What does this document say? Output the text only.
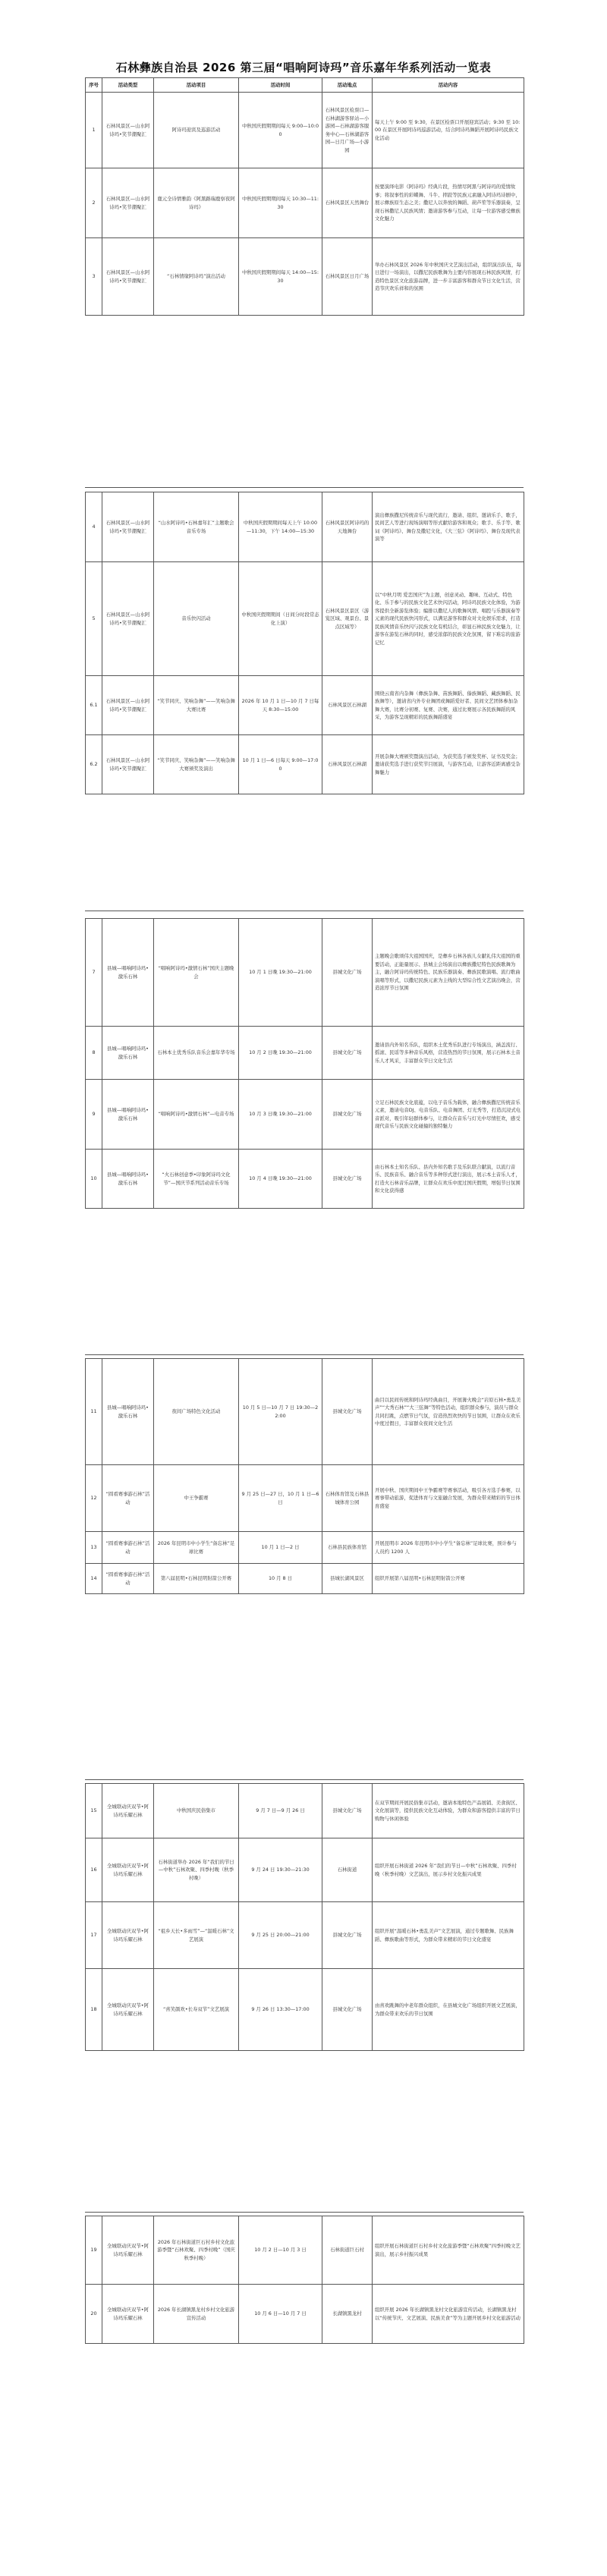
石林彝族自治县 2026 第三届“唱响阿诗玛”音乐嘉年华系列活动一览表
序号	活动类型	活动项目	活动时间	活动地点	活动内容
1	石林风景区—山水阿诗玛•笑节潮聚汇	阿诗玛迎宾及巡游活动	中秋国庆假期期间每天 9:00—10:00	石林风景区检票口—石林湖游客驿站—小游园—石林湖游客服务中心—石林湖游客园—日月广场—小游园	每天上午 9:00 至 9:30，在景区检票口开展迎宾活动；9:30 至 10:00 在景区开展阿诗玛巡游活动，结合阿诗玛舞蹈开展阿诗玛民族文化活动
2	石林风景区—山水阿诗玛•笑节潮聚汇	鹿元全诗情雅韵《阿黑路瑞鹿察夜阿诗玛》	中秋国庆假期期间每天 10:30—11:30	石林风景区天然舞台	按要演绎电影《阿诗玛》经典片段，热情尽阿黑与阿诗玛的爱情故事；将叙事性的彩蝶舞、斗牛、摔跤等民族元素融入阿诗玛诗剧中，展示彝族原生态之美；撒尼人以奔放的舞蹈、葫芦笙等乐器演奏，呈现石林撒尼人民族风情；邀请游客参与互动，让每一位游客感受彝族文化魅力
3	石林风景区—山水阿诗玛•笑节潮聚汇	“石林情缘阿诗玛”演出活动	中秋国庆假期期间每天 14:00—15:30	石林风景区日月广场	举办石林风景区 2026 年中秋国庆文艺演出活动，组织演出队伍，每日进行一场演出，以撒尼民族歌舞为主要内容展现石林民族风情，打造特色景区文化旅游品牌，进一步丰富游客和群众节日文化生活，营造节庆欢乐祥和的氛围
4	石林风景区—山水阿诗玛•笑节潮聚汇	“山水阿诗玛•石林嘉年汇”主题歌会音乐专场	中秋国庆假期期间每天上午 10:00—11:30，下午 14:00—15:30	石林风景区阿诗玛的天地舞台	演出彝族撒尼传统音乐与现代流行，邀请、组织、邀请乐手、歌手，民间艺人等进行现场演唱等形式献给游客和观众；歌手、乐手等、歌词《阿诗玛》、舞台及撒尼文化，《大三弦》《阿诗玛》、舞台及现代表演等
5	石林风景区—山水阿诗玛•笑节潮聚汇	音乐快闪活动	中秋国庆假期期间（日间分时段常态化上演）	石林风景区景区（游览区域、观景台、景点区域等）	以“中秋月明 爱恋国庆”为主题，创意灵动、趣味、互动式、特色化、乐于参与的民族文化艺术快闪活动，阿诗玛民族文化体验，为游客提供全新游览体验；编排以撒尼人的歌舞风情、唱腔与乐器演奏等元素的现代民族快闪形式，以满足游客和群众对文化娱乐需求，打造民族风情音乐快闪与民族文化有机结合，彰显石林民族文化魅力，让游客在游览石林的同时，感受浓郁的民族文化氛围，留下难忘的旅游记忆
6.1	石林风景区—山水阿诗玛•笑节潮聚汇	“笑节同庆、笑响杂舞”——笑响杂舞大赛比赛	2026 年 10 月 1 日—10 月 7 日每天 8:30—15:00	石林风景区石林湖	围绕云南省内杂舞（彝族杂舞、苗族舞蹈、傣族舞蹈、藏族舞蹈、民族舞等），邀请省内外专业舞团或舞蹈爱好者、民间文艺团体参加杂舞大赛，比赛分初赛、复赛、决赛，通过比赛展示各民族舞蹈的风采，为游客呈现精彩的民族舞蹈盛宴
6.2	石林风景区—山水阿诗玛•笑节潮聚汇	“笑节同庆、笑响杂舞”——笑响杂舞大赛颁奖及演出	10 月 1 日—6 日每天 9:00—17:00	石林风景区石林湖	开展杂舞大赛颁奖暨演出活动，为获奖选手颁发奖杯、证书及奖金；邀请获奖选手进行获奖节目展演，与游客互动，让游客近距离感受杂舞魅力
7	县城—唱响阿诗玛•激乐石林	“唱响阿诗玛•激情石林”国庆主题晚会	10 月 1 日晚 19:30—21:00	县城文化广场	主题晚会歌颂伟大祖国国庆，是彝乡石林各族儿女献礼伟大祖国的重要活动，正能量展示、县城主会场演出以彝族撒尼特色民族歌舞为主，融合阿诗玛传统特色、民族乐器演奏、彝族民歌演唱、流行歌曲演唱等形式，以撒尼民族元素为主线的大型综合性文艺演出晚会，营造浓厚节日氛围
8	县城—唱响阿诗玛•激乐石林	石林本土优秀乐队音乐会嘉年华专场	10 月 2 日晚 19:30—21:00	县城文化广场	邀请县内外知名乐队，组织本土优秀乐队进行专场演出，涵盖流行、摇滚、民谣等多种音乐风格，营造热烈的节日氛围，展示石林本土音乐人才风采，丰富群众节日文化生活
9	县城—唱响阿诗玛•激乐石林	“唱响阿诗玛•激情石林”—电音专场	10 月 3 日晚 19:30—21:00	县城文化广场	立足石林民族文化底蕴，以电子音乐为载体，融合彝族撒尼传统音乐元素，邀请电音DJ、电音乐队、电音舞团、灯光秀等，打造沉浸式电音派对，吸引年轻群体参与，让群众在音乐与灯光中尽情狂欢，感受现代音乐与民族文化碰撞的独特魅力
10	县城—唱响阿诗玛•激乐石林	“火石林创意季•印象阿诗玛文化节”—国庆节系列活动音乐专场	10 月 4 日晚 19:30—21:00	县城文化广场	由石林本土知名乐队、县内外知名歌手及乐队联合献演，以流行音乐、民族音乐、融合音乐等多种形式进行演出，展示本土音乐人才，打造火石林音乐品牌，让群众在欢乐中度过国庆假期，增强节日氛围和文化获得感
11	县城—唱响阿诗玛•激乐石林	夜间广场特色文化活动	10 月 5 日—10 月 7 日 19:30—22:00	县城文化广场	曲目以民间传统和阿诗玛经典曲目，开展篝火晚会“岩原石林•勇乱美声”“大秀石林”“大三弦舞”等特色活动，组织群众参与，演员与群众共同打跳，点燃节日气氛，营造热烈欢快的节日氛围，让群众在欢乐中度过假日，丰富群众夜间文化生活
12	“圆看赛事游石林”活动	中王争霸赛	9 月 25 日—27 日，10 月 1 日—6 日	石林体育馆及石林县城体育公园	开展中秋、国庆期间中王争霸赛等赛事活动，吸引各方选手参赛，以赛事带动旅游，促进体育与文旅融合发展，为群众带来精彩的节日体育盛宴
13	“圆看赛事游石林”活动	2026 年昆明市中小学生“备忘林”足球比赛	10 月 1 日—2 日	石林县民族体育馆	开展昆明市 2026 年昆明市中小学生“备忘林”足球比赛，预计参与人员约 1200 人
14	“圆看赛事游石林”活动	第八届昆明•石林昆明射箭公开赛	10 月 8 日	县城长湖风景区	组织开展第八届昆明•石林昆明射箭公开赛
15	全城联动庆双节•阿诗玛乐耀石林	中秋国庆民俗集市	9 月 7 日—9 月 26 日	县城文化广场	在双节期间开展民俗集市活动，邀请本地特色产品展销、美食街区、文化展演等，提供民族文化互动体验，为群众和游客提供丰富的节日购物与休闲体验
16	全城联动庆双节•阿诗玛乐耀石林	石林街道举办 2026 年“我们的节日—中秋”石林欢聚、四季村晚（秋季村晚）	9 月 24 日 19:30—21:30	石林街道	组织开展石林街道 2026 年“我们的节日—中秋”石林欢聚、四季村晚（秋季村晚）文艺演出，展示乡村文化振兴成果
17	全城联动庆双节•阿诗玛乐耀石林	“祖乡天长•多雨雪”—“温暖石林”文艺展演	9 月 25 日 20:00—21:00	县城文化广场	组织开展“温暖石林•勇乱美声”文艺展演，通过专题歌舞、民族舞蹈、彝族歌曲等形式，为群众带来精彩的节日文化盛宴
18	全城联动庆双节•阿诗玛乐耀石林	“喜笑颜欢•长寿双节”文艺展演	9 月 26 日 13:30—17:00	县城文化广场	由喜欢跳舞的中老年群众组织，在县城文化广场组织开展文艺展演，为群众带来欢乐的节日氛围
19	全城联动庆双节•阿诗玛乐耀石林	2026 年石林街道巨石村乡村文化旅游季暨“石林欢聚、四季村晚”（国庆秋季村晚）	10 月 2 日—10 月 3 日	石林街道巨石村	组织开展石林街道巨石村乡村文化旅游季暨“石林欢聚”四季村晚文艺演出，展示乡村振兴成果
20	全城联动庆双节•阿诗玛乐耀石林	2026 年长湖镇黑龙村乡村文化旅游宣传活动	10 月 6 日—10 月 7 日	长湖镇黑龙村	组织开展 2026 年长湖镇黑龙村文化旅游宣传活动，长湖镇黑龙村以“传统节庆、文艺展演、民族美食”等为主题开展乡村文化旅游活动
